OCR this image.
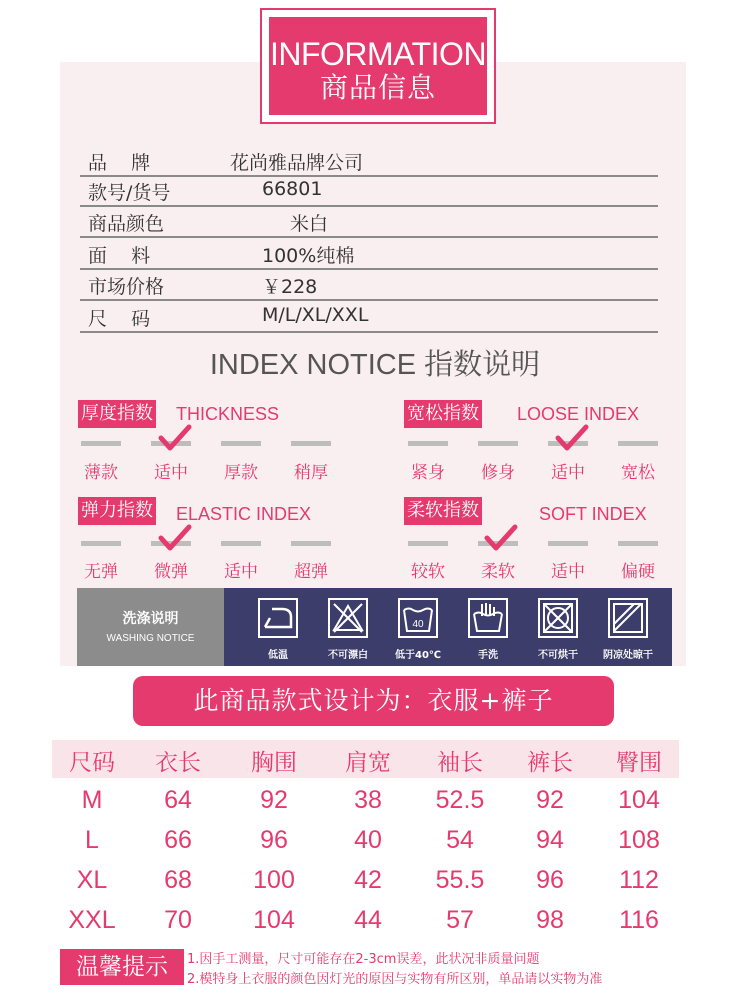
INFORMATION
商品信息
品    牌	花尚雅品牌公司
款号/货号	66801
商品颜色	米白
面    料	100%纯棉
市场价格	￥228
尺    码	M/L/XL/XXL
INDEX NOTICE 指数说明
厚度指数 THICKNESS
薄款	适中	厚款	稍厚
宽松指数 LOOSE INDEX
紧身	修身	适中	宽松
弹力指数 ELASTIC INDEX
无弹	微弹	适中	超弹
柔软指数	SOFT INDEX
较软	柔软	适中	偏硬
洗涤说明
WASHING NOTICE
低温	不可漂白
40
低于40℃	手洗	不可烘干	阴凉处晾干
此商品款式设计为：衣服+裤子
尺码	衣长	胸围	肩宽	袖长	裤长	臀围
M	64	92	38	52.5	92	104
L	66	96	40	54	94	108
XL	68	100	42	55.5	96	112
XXL	70	104	44	57	98	116
温馨提示	1.因手工测量，尺寸可能存在2-3cm误差，此状况非质量问题
2.模特身上衣服的颜色因灯光的原因与实物有所区别，单品请以实物为准
